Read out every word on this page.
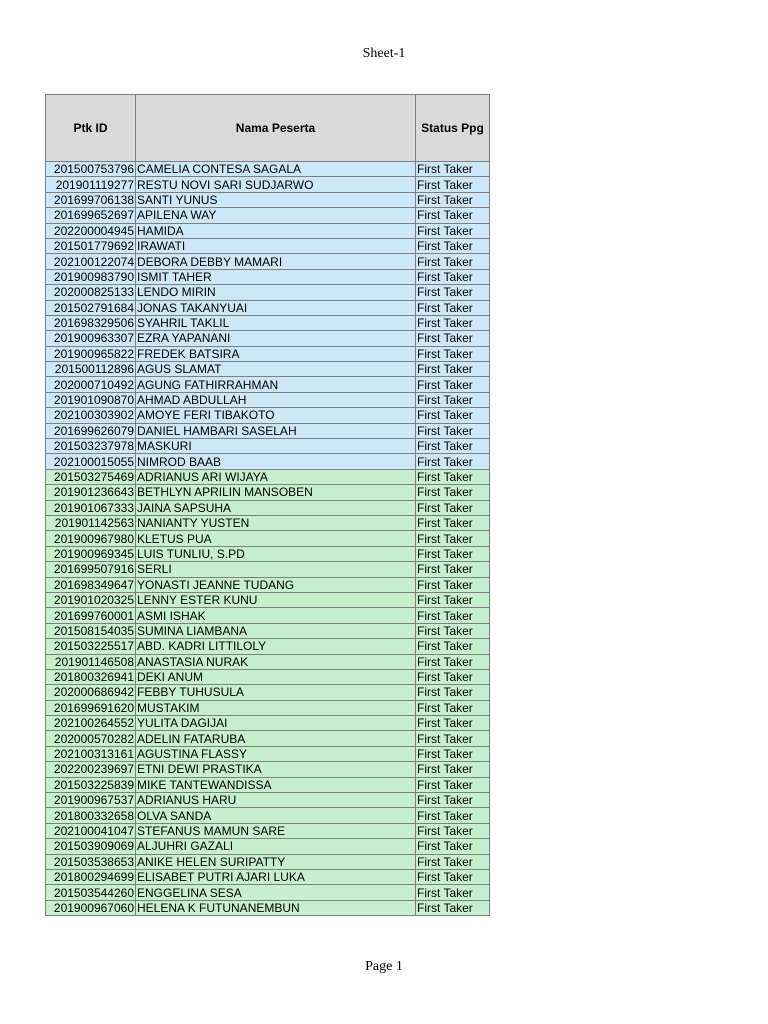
Sheet-1
Ptk ID	Nama Peserta	Status Ppg
201500753796	CAMELIA CONTESA SAGALA	First Taker
201901119277	RESTU NOVI SARI SUDJARWO	First Taker
201699706138	SANTI YUNUS	First Taker
201699652697	APILENA WAY	First Taker
202200004945	HAMIDA	First Taker
201501779692	IRAWATI	First Taker
202100122074	DEBORA DEBBY MAMARI	First Taker
201900983790	ISMIT TAHER	First Taker
202000825133	LENDO MIRIN	First Taker
201502791684	JONAS TAKANYUAI	First Taker
201698329506	SYAHRIL TAKLIL	First Taker
201900963307	EZRA YAPANANI	First Taker
201900965822	FREDEK BATSIRA	First Taker
201500112896	AGUS SLAMAT	First Taker
202000710492	AGUNG FATHIRRAHMAN	First Taker
201901090870	AHMAD ABDULLAH	First Taker
202100303902	AMOYE FERI TIBAKOTO	First Taker
201699626079	DANIEL HAMBARI SASELAH	First Taker
201503237978	MASKURI	First Taker
202100015055	NIMROD BAAB	First Taker
201503275469	ADRIANUS ARI WIJAYA	First Taker
201901236643	BETHLYN APRILIN MANSOBEN	First Taker
201901067333	JAINA SAPSUHA	First Taker
201901142563	NANIANTY YUSTEN	First Taker
201900967980	KLETUS PUA	First Taker
201900969345	LUIS TUNLIU, S.PD	First Taker
201699507916	SERLI	First Taker
201698349647	YONASTI JEANNE TUDANG	First Taker
201901020325	LENNY ESTER KUNU	First Taker
201699760001	ASMI ISHAK	First Taker
201508154035	SUMINA LIAMBANA	First Taker
201503225517	ABD. KADRI LITTILOLY	First Taker
201901146508	ANASTASIA NURAK	First Taker
201800326941	DEKI ANUM	First Taker
202000686942	FEBBY TUHUSULA	First Taker
201699691620	MUSTAKIM	First Taker
202100264552	YULITA DAGIJAI	First Taker
202000570282	ADELIN FATARUBA	First Taker
202100313161	AGUSTINA FLASSY	First Taker
202200239697	ETNI DEWI PRASTIKA	First Taker
201503225839	MIKE TANTEWANDISSA	First Taker
201900967537	ADRIANUS HARU	First Taker
201800332658	OLVA SANDA	First Taker
202100041047	STEFANUS MAMUN SARE	First Taker
201503909069	ALJUHRI GAZALI	First Taker
201503538653	ANIKE HELEN SURIPATTY	First Taker
201800294699	ELISABET PUTRI AJARI LUKA	First Taker
201503544260	ENGGELINA SESA	First Taker
201900967060	HELENA K FUTUNANEMBUN	First Taker
Page 1
